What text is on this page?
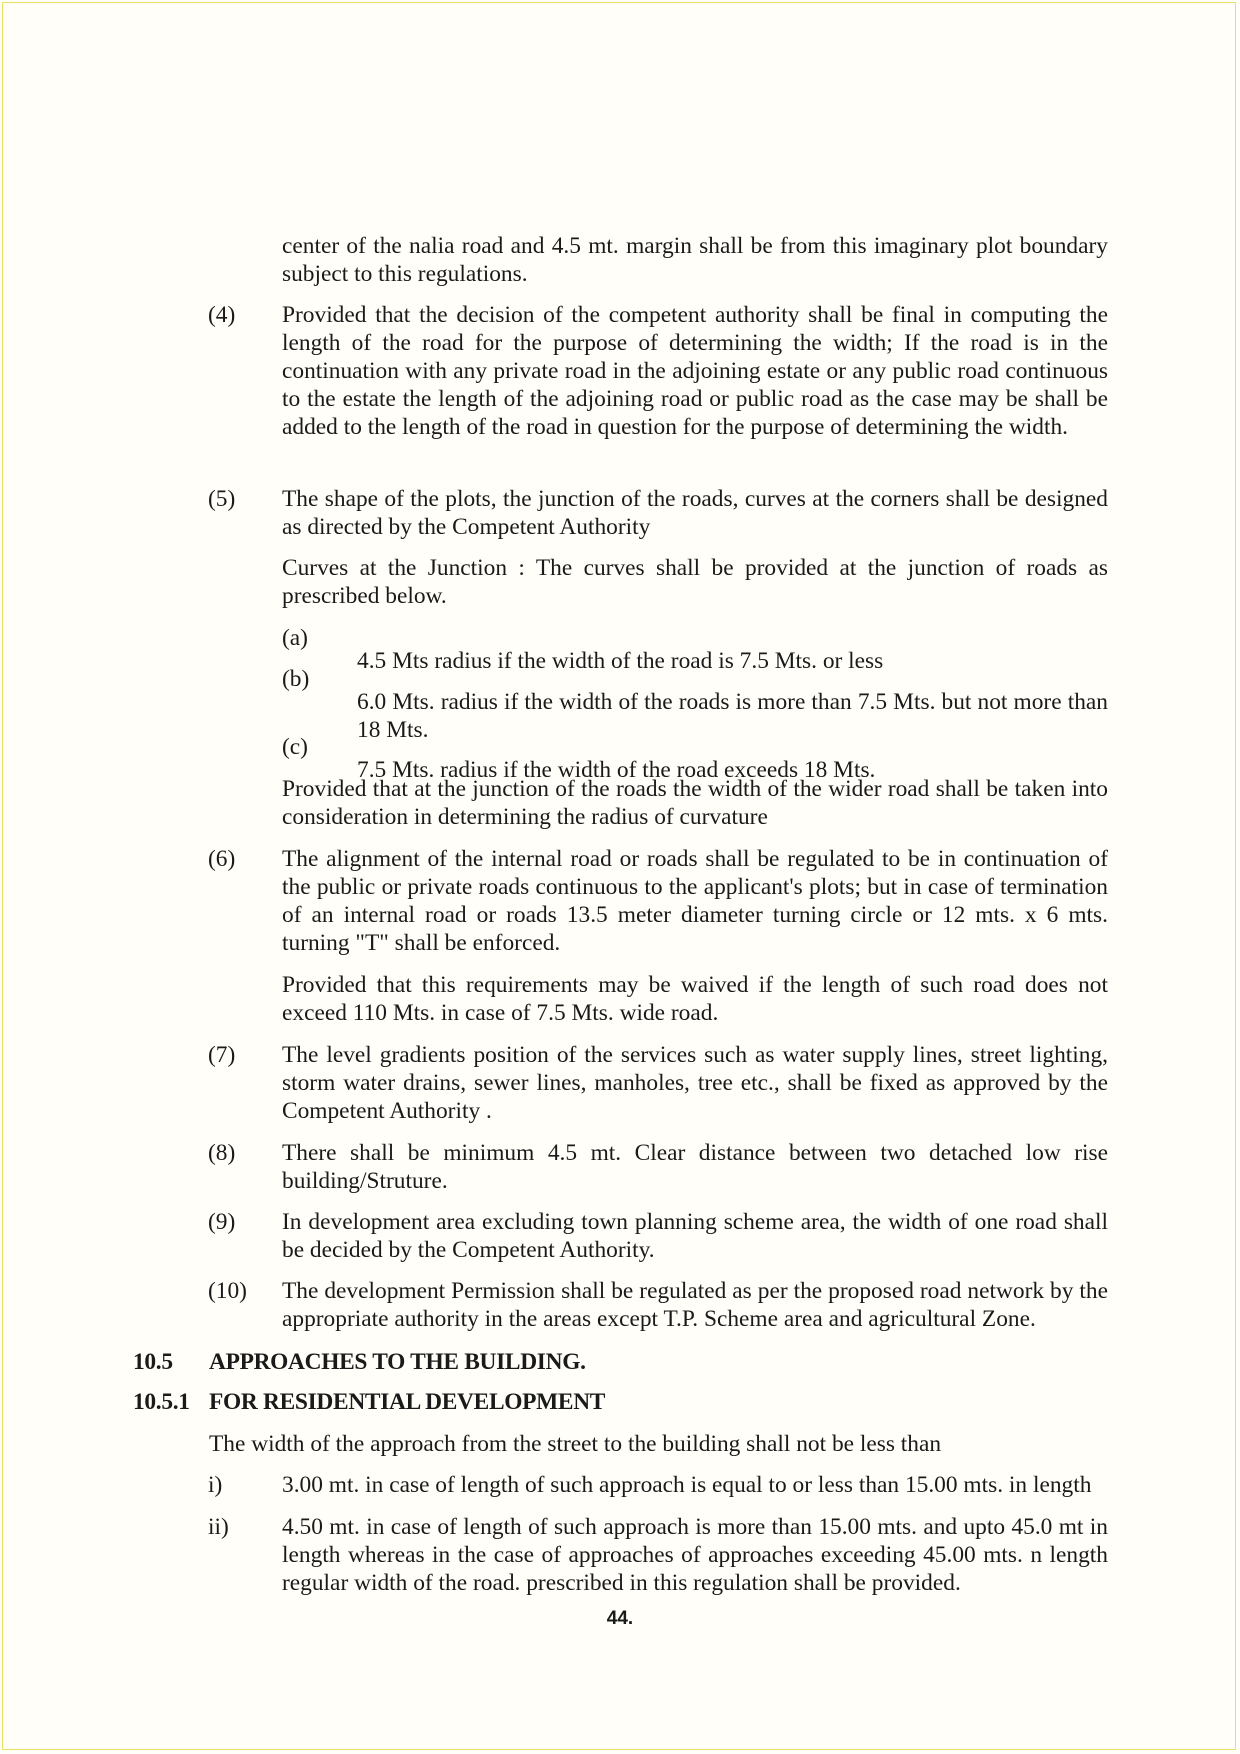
center of the nalia road and 4.5 mt. margin shall be from this imaginary plot boundary subject to this regulations.

(4) Provided that the decision of the competent authority shall be final in computing the length of the road for the purpose of determining the width; If the road is in the continuation with any private road in the adjoining estate or any public road continuous to the estate the length of the adjoining road or public road as the case may be shall be added to the length of the road in question for the purpose of determining the width.

(5) The shape of the plots, the junction of the roads, curves at the corners shall be designed as directed by the Competent Authority

Curves at the Junction : The curves shall be provided at the junction of roads as prescribed below.

(a)

4.5 Mts radius if the width of the road is 7.5 Mts. or less

(b)

6.0 Mts. radius if the width of the roads is more than 7.5 Mts. but not more than 18 Mts.

(c)

7.5 Mts. radius if the width of the road exceeds 18 Mts.

Provided that at the junction of the roads the width of the wider road shall be taken into consideration in determining the radius of curvature

(6) The alignment of the internal road or roads shall be regulated to be in continuation of the public or private roads continuous to the applicant's plots; but in case of termination of an internal road or roads 13.5 meter diameter turning circle or 12 mts. x 6 mts. turning "T" shall be enforced.

Provided that this requirements may be waived if the length of such road does not exceed 110 Mts. in case of 7.5 Mts. wide road.

(7) The level gradients position of the services such as water supply lines, street lighting, storm water drains, sewer lines, manholes, tree etc., shall be fixed as approved by the Competent Authority .

(8) There shall be minimum 4.5 mt. Clear distance between two detached low rise building/Struture.

(9) In development area excluding town planning scheme area, the width of one road shall be decided by the Competent Authority.

(10) The development Permission shall be regulated as per the proposed road network by the appropriate authority in the areas except T.P. Scheme area and agricultural Zone.

10.5 APPROACHES TO THE BUILDING.
10.5.1 FOR RESIDENTIAL DEVELOPMENT

The width of the approach from the street to the building shall not be less than

i)	3.00 mt. in case of length of such approach is equal to or less than 15.00 mts. in length

ii) 4.50 mt. in case of length of such approach is more than 15.00 mts. and upto 45.0 mt in length whereas in the case of approaches of approaches exceeding 45.00 mts. n length regular width of the road. prescribed in this regulation shall be provided.

44.
